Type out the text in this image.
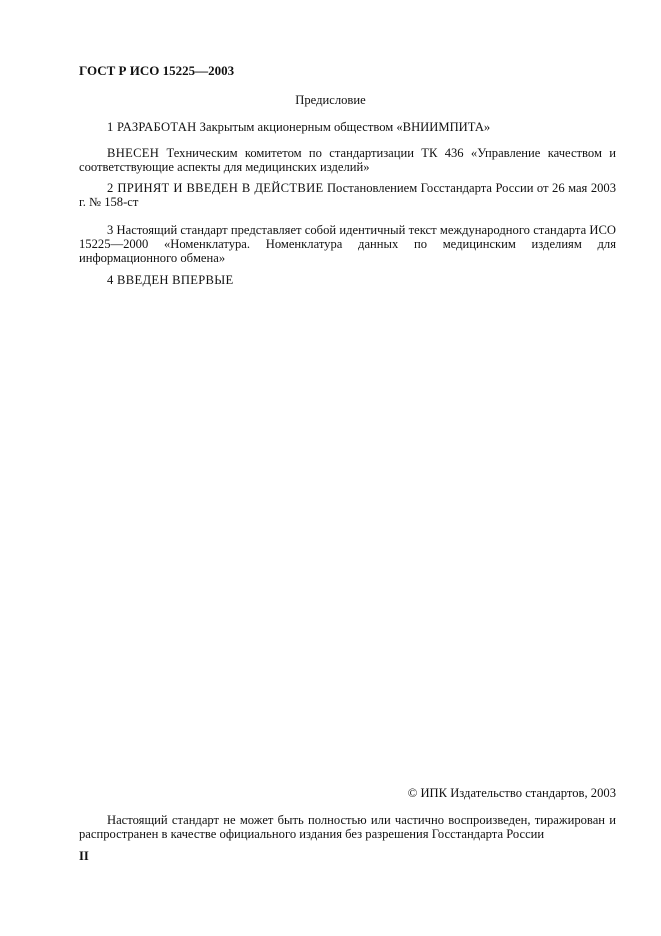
ГОСТ Р ИСО 15225—2003
Предисловие
1 РАЗРАБОТАН Закрытым акционерным обществом «ВНИИМПИТА»
ВНЕСЕН Техническим комитетом по стандартизации ТК 436 «Управление качеством и соответствующие аспекты для медицинских изделий»
2 ПРИНЯТ И ВВЕДЕН В ДЕЙСТВИЕ Постановлением Госстандарта России от 26 мая 2003 г. № 158-ст
3 Настоящий стандарт представляет собой идентичный текст международного стандарта ИСО 15225—2000 «Номенклатура. Номенклатура данных по медицинским изделиям для информационного обмена»
4 ВВЕДЕН ВПЕРВЫЕ
© ИПК Издательство стандартов, 2003
Настоящий стандарт не может быть полностью или частично воспроизведен, тиражирован и распространен в качестве официального издания без разрешения Госстандарта России
II
